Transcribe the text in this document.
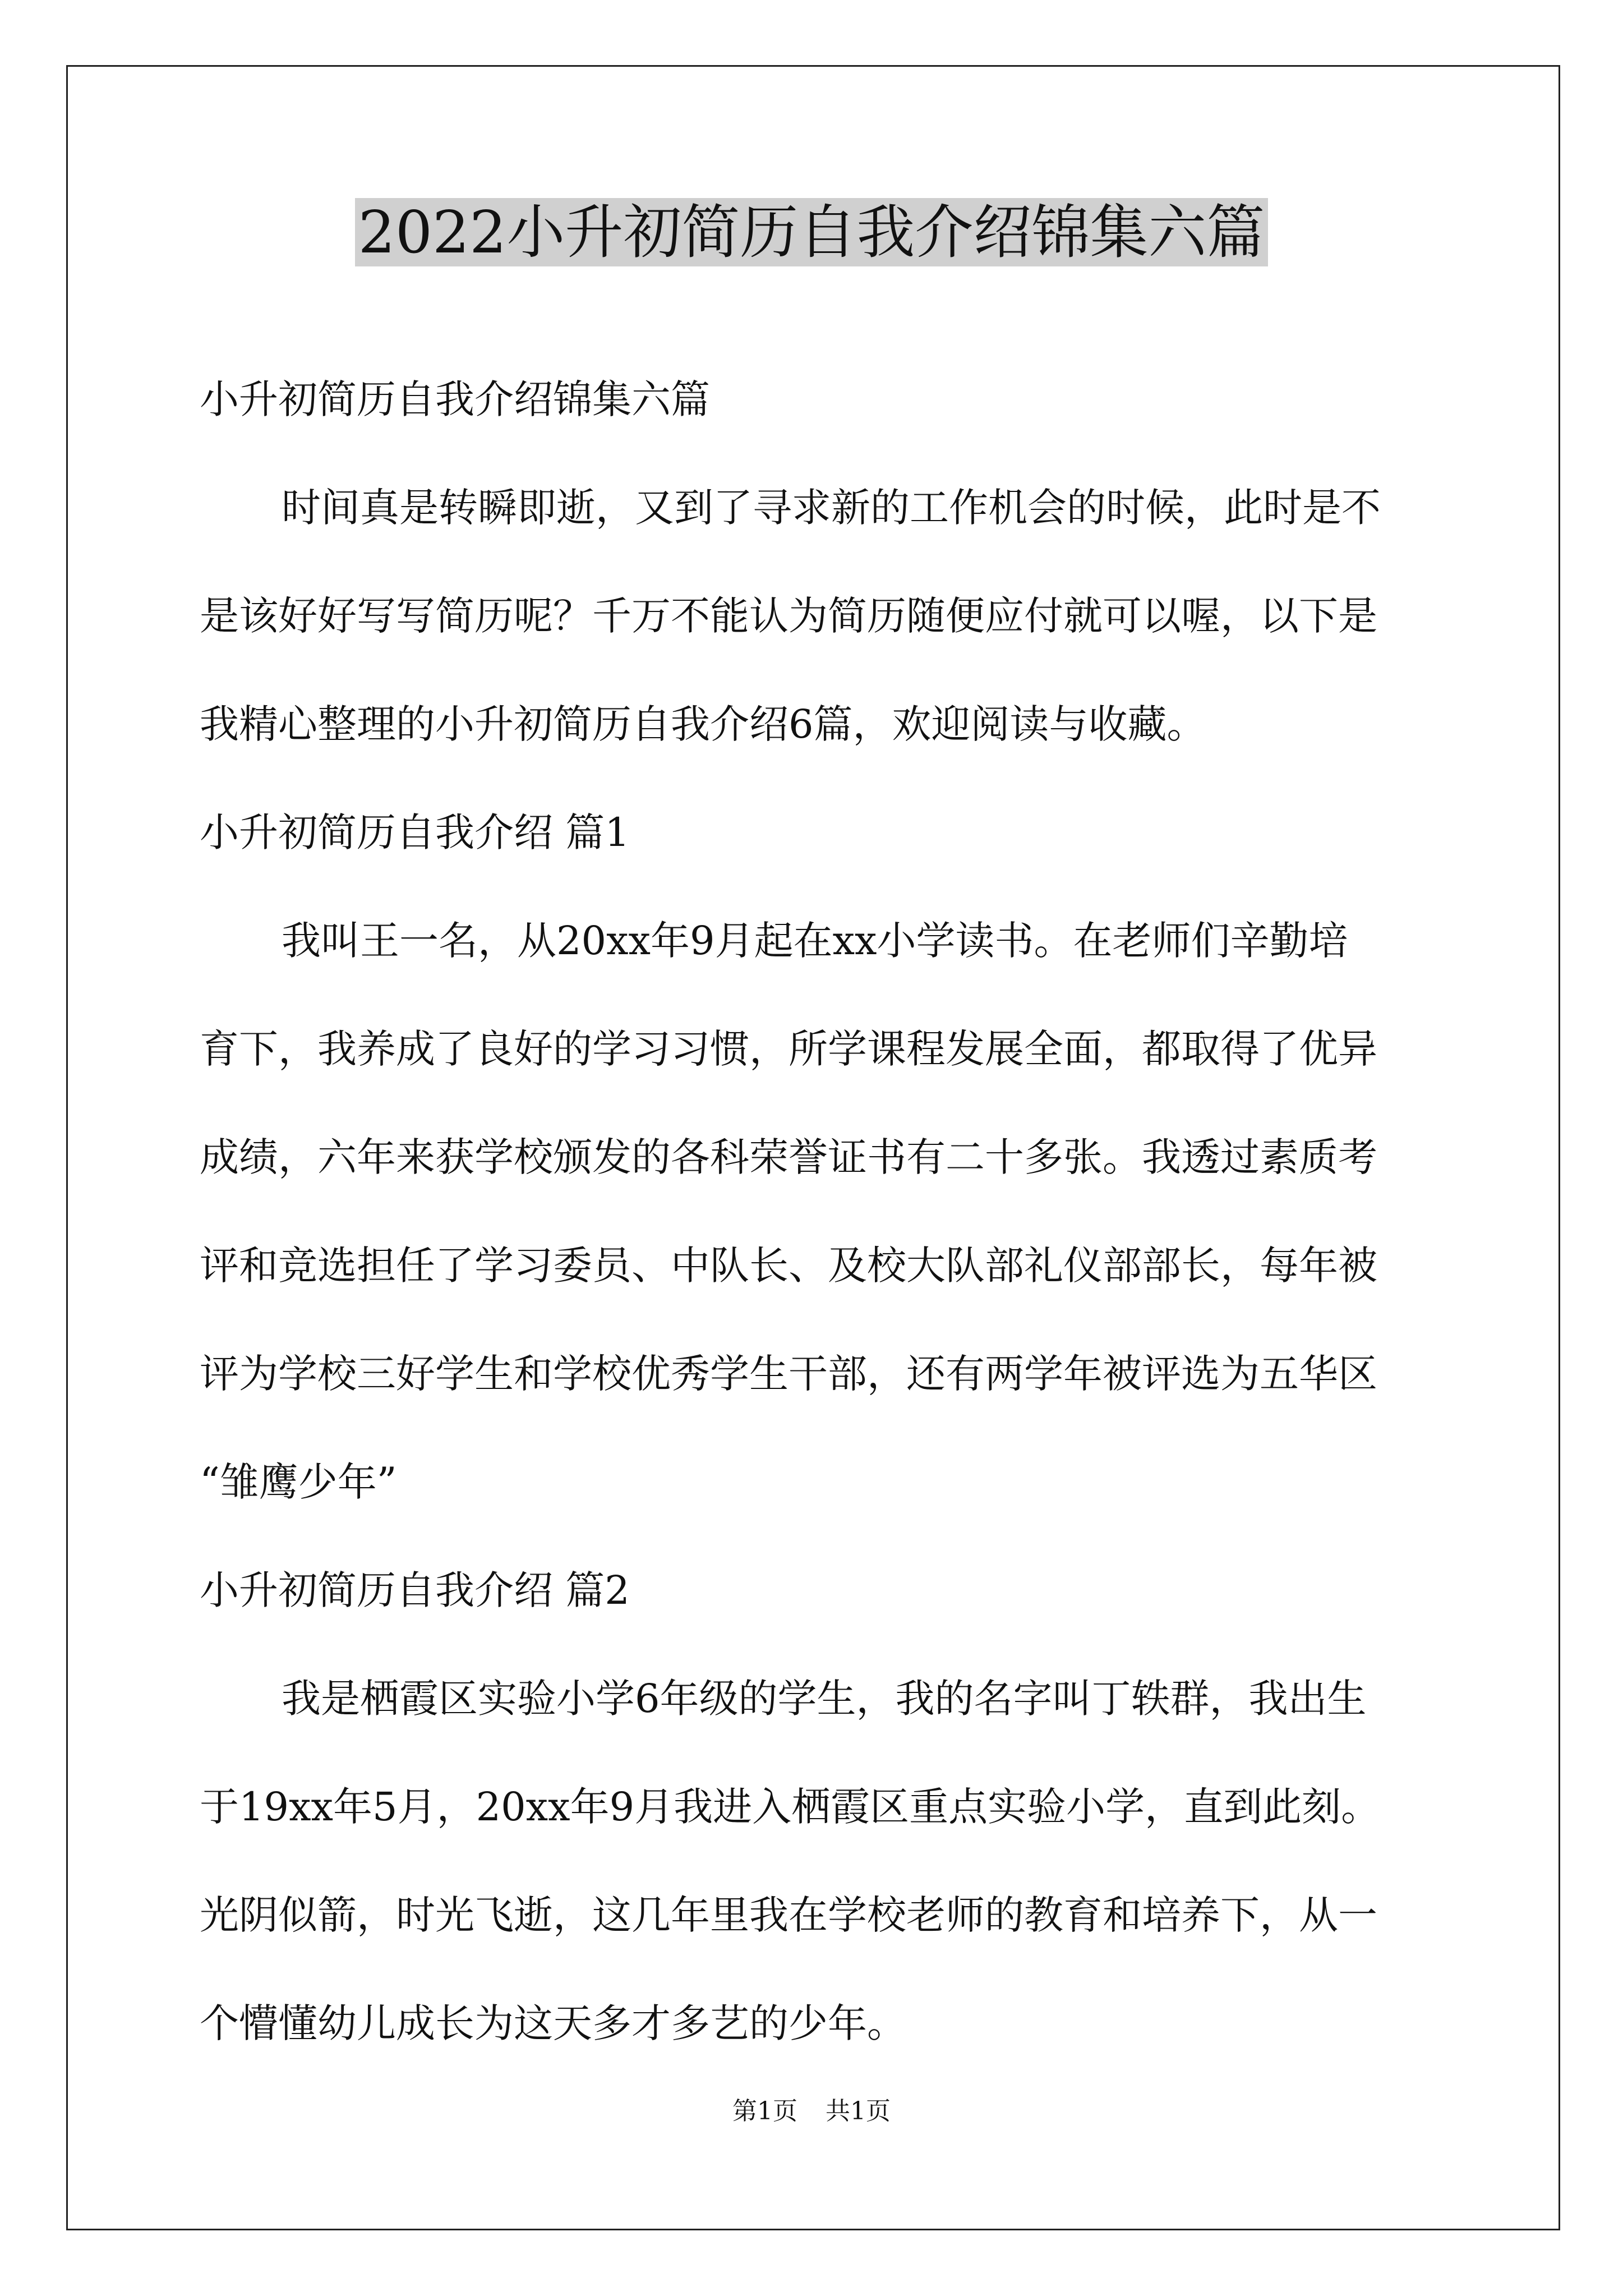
2022小升初简历自我介绍锦集六篇
小升初简历自我介绍锦集六篇
时间真是转瞬即逝，又到了寻求新的工作机会的时候，此时是不
是该好好写写简历呢？千万不能认为简历随便应付就可以喔，以下是
我精心整理的小升初简历自我介绍6篇，欢迎阅读与收藏。
小升初简历自我介绍 篇1
我叫王一名，从20xx年9月起在xx小学读书。在老师们辛勤培
育下，我养成了良好的学习习惯，所学课程发展全面，都取得了优异
成绩，六年来获学校颁发的各科荣誉证书有二十多张。我透过素质考
评和竞选担任了学习委员、中队长、及校大队部礼仪部部长，每年被
评为学校三好学生和学校优秀学生干部，还有两学年被评选为五华区
“雏鹰少年”
小升初简历自我介绍 篇2
我是栖霞区实验小学6年级的学生，我的名字叫丁轶群，我出生
于19xx年5月，20xx年9月我进入栖霞区重点实验小学，直到此刻。
光阴似箭，时光飞逝，这几年里我在学校老师的教育和培养下，从一
个懵懂幼儿成长为这天多才多艺的少年。
第1页 共1页
